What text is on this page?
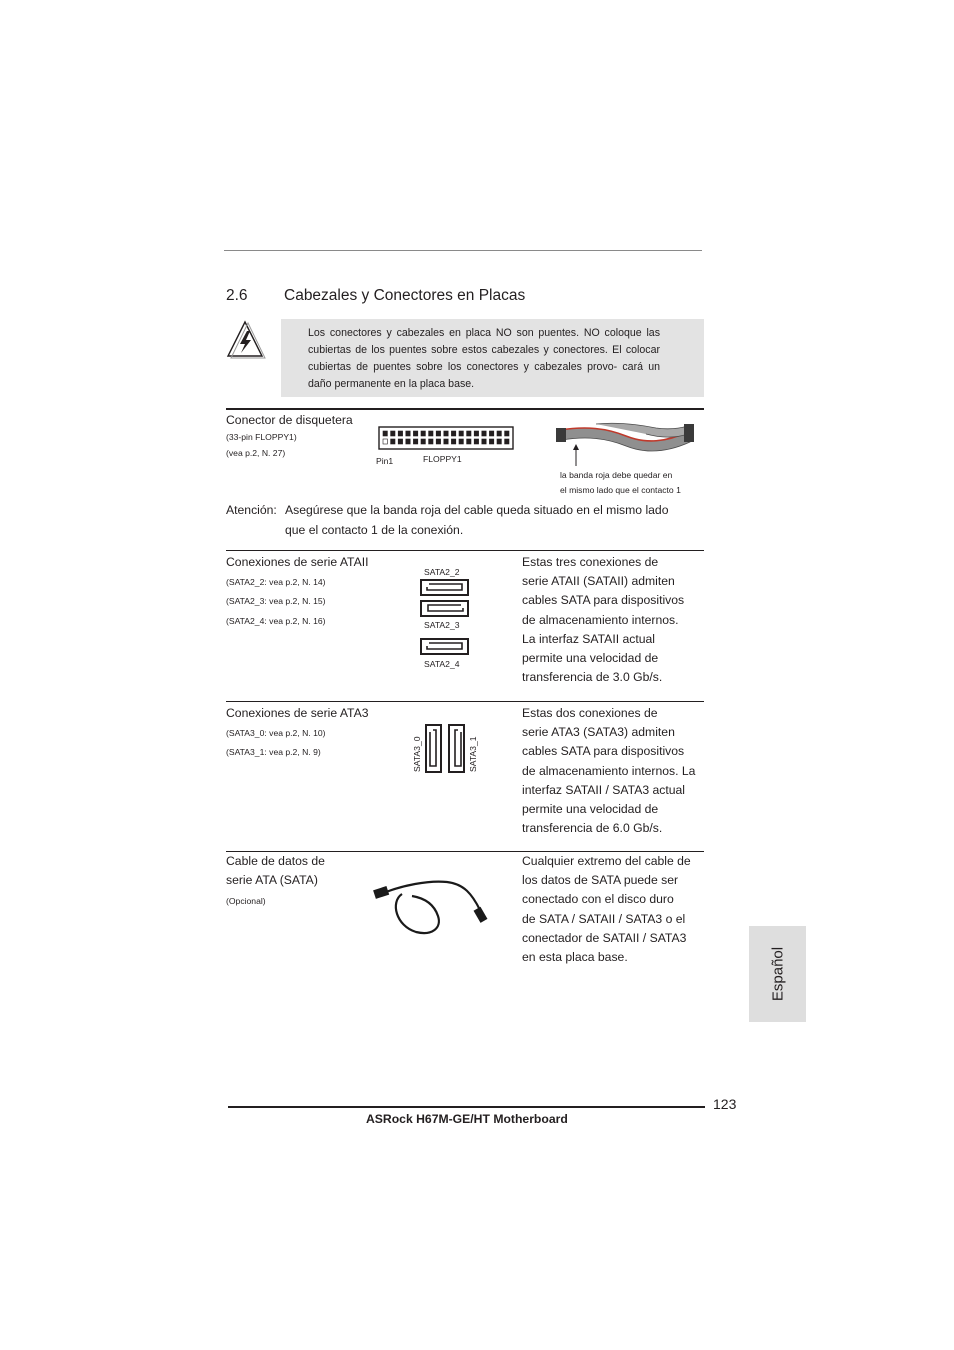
2.6 Cabezales y Conectores en Placas
Los conectores y cabezales en placa NO son puentes. NO coloque las cubiertas de los puentes sobre estos cabezales y conectores. El colocar cubiertas de puentes sobre los conectores y cabezales provo- cará un daño permanente en la placa base.
Conector de disquetera
(33-pin FLOPPY1)
(vea p.2, N. 27)
Pin1	FLOPPY1
la banda roja debe quedar en
el mismo lado que el contacto 1
Atención: Asegúrese que la banda roja del cable queda situado en el mismo lado
que el contacto 1 de la conexión.
Conexiones de serie ATAII
(SATA2_2: vea p.2, N. 14)
(SATA2_3: vea p.2, N. 15)
(SATA2_4: vea p.2, N. 16)
SATA2_2
SATA2_3
SATA2_4
Estas tres conexiones de
serie ATAII (SATAII) admiten
cables SATA para dispositivos
de almacenamiento internos.
La interfaz SATAII actual
permite una velocidad de
transferencia de 3.0 Gb/s.
Conexiones de serie ATA3
(SATA3_0: vea p.2, N. 10)
(SATA3_1: vea p.2, N. 9)	SATA3_0	SATA3_1
Estas dos conexiones de
serie ATA3 (SATA3) admiten
cables SATA para dispositivos
de almacenamiento internos. La
interfaz SATAII / SATA3 actual
permite una velocidad de
transferencia de 6.0 Gb/s.
Cable de datos de
serie ATA (SATA)
(Opcional)
Cualquier extremo del cable de
los datos de SATA puede ser
conectado con el disco duro
de SATA / SATAII / SATA3 o el
conectador de SATAII / SATA3
en esta placa base.	Español
123
ASRock H67M-GE/HT Motherboard
